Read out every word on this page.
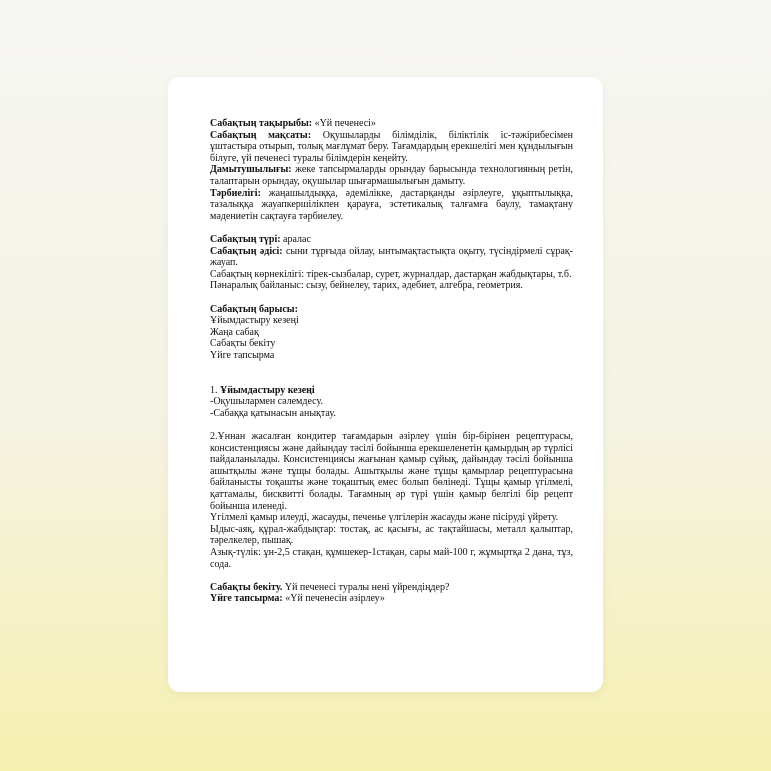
Сабақтың тақырыбы: «Үй печенесі»

Сабақтың мақсаты: Оқушыларды білімділік, біліктілік іс-тәжірибесімен ұштастыра отырып, толық мағлұмат беру. Тағамдардың ерекшелігі мен құндылығын білуге, үй печенесі туралы білімдерін кеңейту.

Дамытушылығы: жеке тапсырмаларды орындау барысында технологияның ретін, талаптарын орындау, оқушылар шығармашылығын дамыту.

Тәрбиелігі: жаңашылдыққа, әдемілікке, дастарқанды әзірлеуге, ұқыптылыққа, тазалыққа жауапкершілікпен қарауға, эстетикалық талғамға баулу, тамақтану мәдениетін сақтауға тәрбиелеу.

Сабақтың түрі: аралас

Сабақтың әдісі: сыни тұрғыда ойлау, ынтымақтастықта оқыту, түсіндірмелі сұрақ-жауап.

Сабақтың көрнекілігі: тірек-сызбалар, сурет, журналдар, дастарқан жабдықтары, т.б.

Пәнаралық байланыс: сызу, бейнелеу, тарих, әдебиет, алгебра, геометрия.

Сабақтың барысы:

Ұйымдастыру кезеңі

Жаңа сабақ

Сабақты бекіту

Үйге тапсырма

1. Ұйымдастыру кезеңі

-Оқушылармен сәлемдесу.

-Сабаққа қатынасын анықтау.

2.Ұннан жасалған кондитер тағамдарын әзірлеу үшін бір-бірінен рецептурасы, консистенциясы және дайындау тәсілі бойынша ерекшеленетін қамырдың әр түрлісі пайдаланылады. Консистенциясы жағынан қамыр сұйық, дайындау тәсілі бойынша ашытқылы және тұщы болады. Ашытқылы және тұщы қамырлар рецептурасына байланысты тоқашты және тоқаштық емес болып бөлінеді. Тұщы қамыр үгілмелі, қаттамалы, бисквитті болады. Тағамның әр түрі үшін қамыр белгілі бір рецепт бойынша иленеді.

Үгілмелі қамыр илеуді, жасауды, печенье үлгілерін жасауды және пісіруді үйрету.

Ыдыс-аяқ, құрал-жабдықтар: тостақ, ас қасығы, ас тақтайшасы, металл қалыптар, тәрелкелер, пышақ.

Азық-түлік: ұн-2,5 стақан, құмшекер-1стақан, сары май-100 г, жұмыртқа 2 дана, тұз, сода.

Сабақты бекіту. Үй печенесі туралы нені үйрендіңдер?

Үйге тапсырма: «Үй печенесін әзірлеу»
